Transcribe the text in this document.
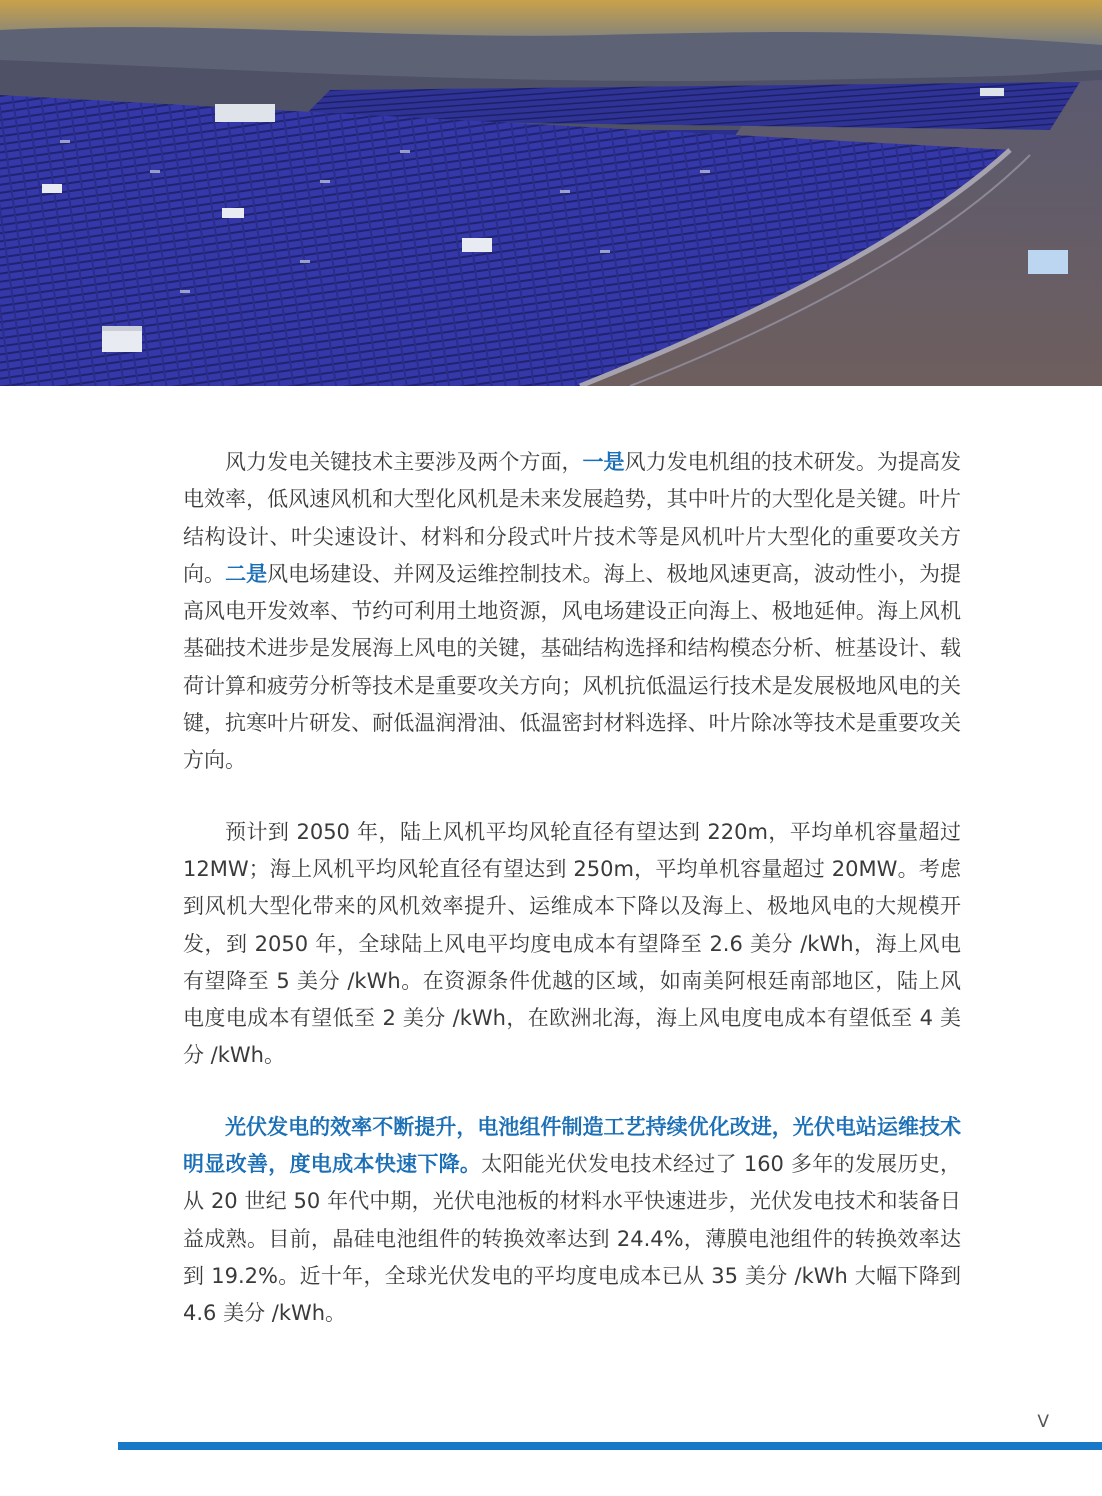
风力发电关键技术主要涉及两个方面，一是风力发电机组的技术研发。为提高发电效率，低风速风机和大型化风机是未来发展趋势，其中叶片的大型化是关键。叶片结构设计、叶尖速设计、材料和分段式叶片技术等是风机叶片大型化的重要攻关方向。二是风电场建设、并网及运维控制技术。海上、极地风速更高，波动性小，为提高风电开发效率、节约可利用土地资源，风电场建设正向海上、极地延伸。海上风机基础技术进步是发展海上风电的关键，基础结构选择和结构模态分析、桩基设计、载荷计算和疲劳分析等技术是重要攻关方向；风机抗低温运行技术是发展极地风电的关键，抗寒叶片研发、耐低温润滑油、低温密封材料选择、叶片除冰等技术是重要攻关方向。

预计到 2050 年，陆上风机平均风轮直径有望达到 220m，平均单机容量超过 12MW；海上风机平均风轮直径有望达到 250m，平均单机容量超过 20MW。考虑到风机大型化带来的风机效率提升、运维成本下降以及海上、极地风电的大规模开发，到 2050 年，全球陆上风电平均度电成本有望降至 2.6 美分 /kWh，海上风电有望降至 5 美分 /kWh。在资源条件优越的区域，如南美阿根廷南部地区，陆上风电度电成本有望低至 2 美分 /kWh，在欧洲北海，海上风电度电成本有望低至 4 美分 /kWh。

光伏发电的效率不断提升，电池组件制造工艺持续优化改进，光伏电站运维技术明显改善，度电成本快速下降。太阳能光伏发电技术经过了 160 多年的发展历史，从 20 世纪 50 年代中期，光伏电池板的材料水平快速进步，光伏发电技术和装备日益成熟。目前，晶硅电池组件的转换效率达到 24.4%，薄膜电池组件的转换效率达到 19.2%。近十年，全球光伏发电的平均度电成本已从 35 美分 /kWh 大幅下降到 4.6 美分 /kWh。

V
